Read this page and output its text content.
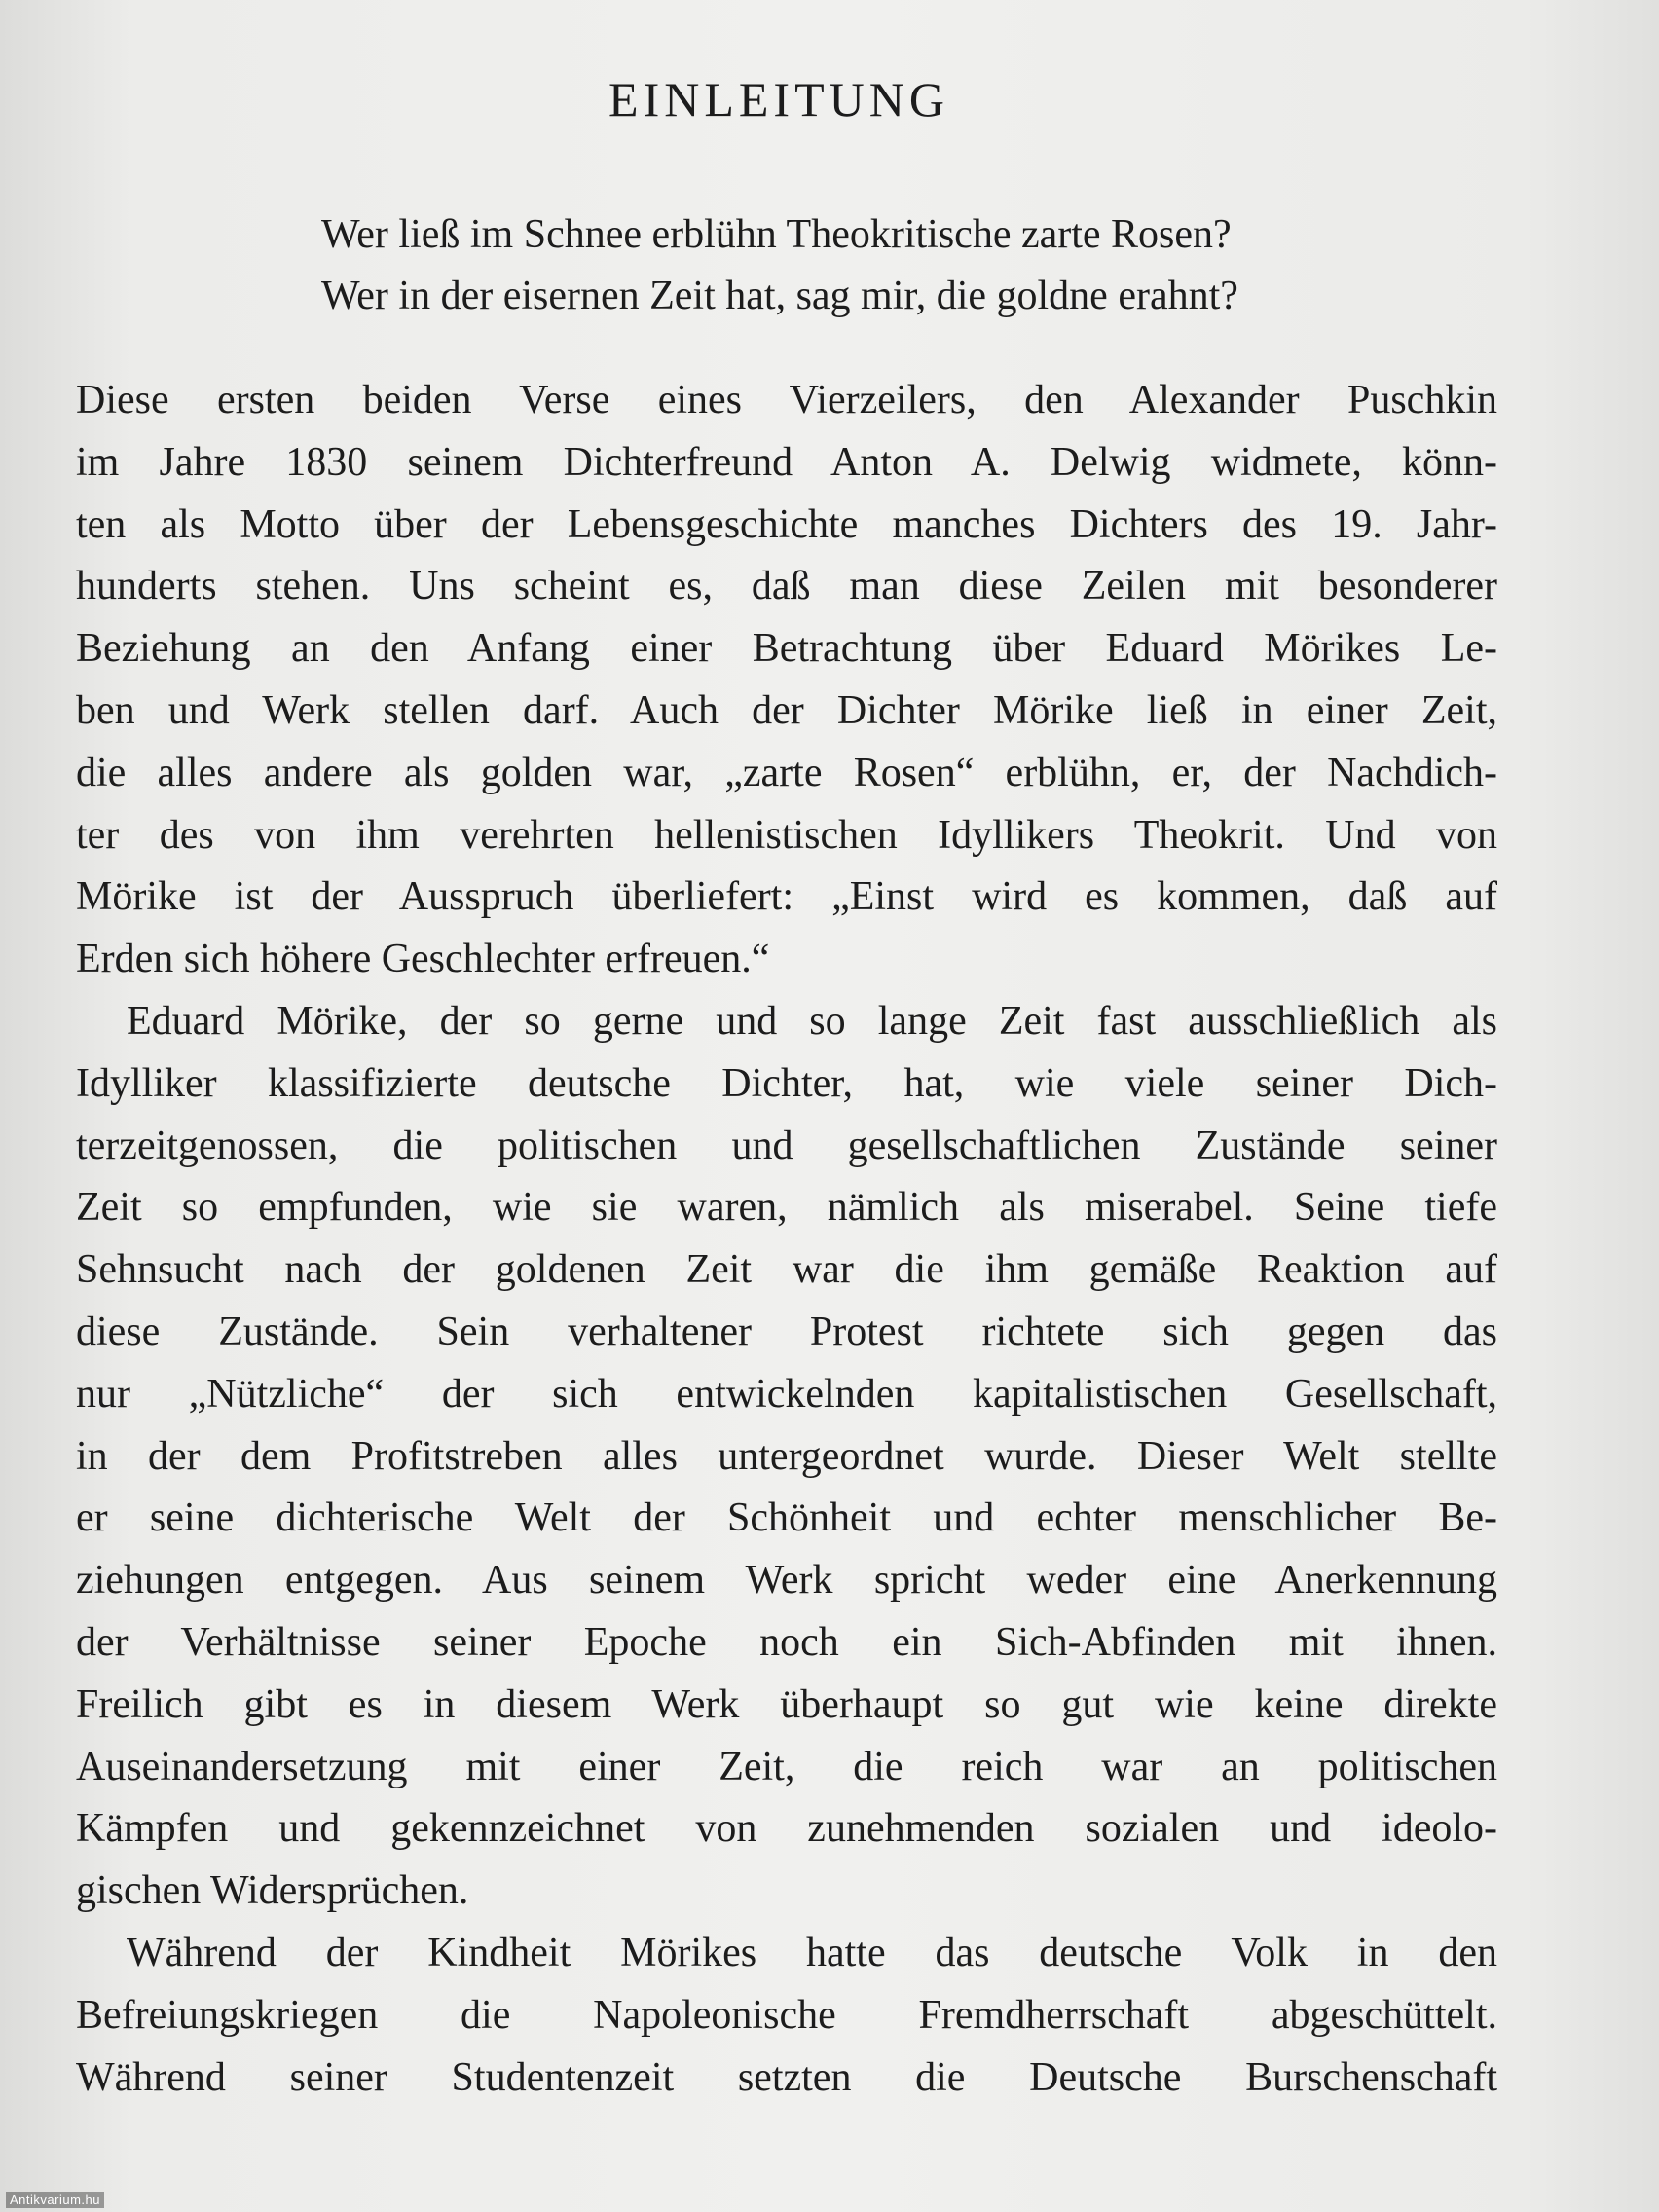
EINLEITUNG
Wer ließ im Schnee erblühn Theokritische zarte Rosen?
Wer in der eisernen Zeit hat, sag mir, die goldne erahnt?
Diese ersten beiden Verse eines Vierzeilers, den Alexander Puschkin
im Jahre 1830 seinem Dichterfreund Anton A. Delwig widmete, könn-
ten als Motto über der Lebensgeschichte manches Dichters des 19. Jahr-
hunderts stehen. Uns scheint es, daß man diese Zeilen mit besonderer
Beziehung an den Anfang einer Betrachtung über Eduard Mörikes Le-
ben und Werk stellen darf. Auch der Dichter Mörike ließ in einer Zeit,
die alles andere als golden war, „zarte Rosen“ erblühn, er, der Nachdich-
ter des von ihm verehrten hellenistischen Idyllikers Theokrit. Und von
Mörike ist der Ausspruch überliefert: „Einst wird es kommen, daß auf
Erden sich höhere Geschlechter erfreuen.“
Eduard Mörike, der so gerne und so lange Zeit fast ausschließlich als
Idylliker klassifizierte deutsche Dichter, hat, wie viele seiner Dich-
terzeitgenossen, die politischen und gesellschaftlichen Zustände seiner
Zeit so empfunden, wie sie waren, nämlich als miserabel. Seine tiefe
Sehnsucht nach der goldenen Zeit war die ihm gemäße Reaktion auf
diese Zustände. Sein verhaltener Protest richtete sich gegen das
nur „Nützliche“ der sich entwickelnden kapitalistischen Gesellschaft,
in der dem Profitstreben alles untergeordnet wurde. Dieser Welt stellte
er seine dichterische Welt der Schönheit und echter menschlicher Be-
ziehungen entgegen. Aus seinem Werk spricht weder eine Anerkennung
der Verhältnisse seiner Epoche noch ein Sich-Abfinden mit ihnen.
Freilich gibt es in diesem Werk überhaupt so gut wie keine direkte
Auseinandersetzung mit einer Zeit, die reich war an politischen
Kämpfen und gekennzeichnet von zunehmenden sozialen und ideolo-
gischen Widersprüchen.
Während der Kindheit Mörikes hatte das deutsche Volk in den
Befreiungskriegen die Napoleonische Fremdherrschaft abgeschüttelt.
Während seiner Studentenzeit setzten die Deutsche Burschenschaft
Antikvarium.hu
